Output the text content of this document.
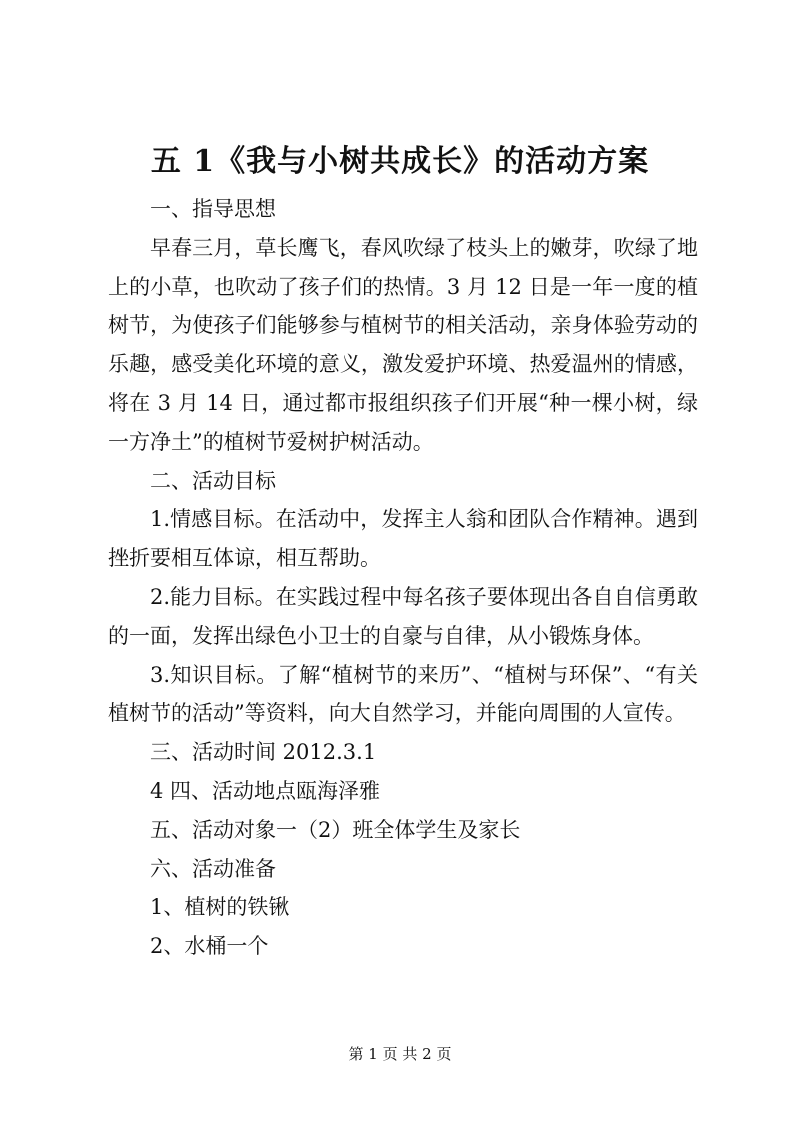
五 1《我与小树共成长》的活动方案

一、指导思想

早春三月，草长鹰飞，春风吹绿了枝头上的嫩芽，吹绿了地上的小草，也吹动了孩子们的热情。3 月 12 日是一年一度的植树节，为使孩子们能够参与植树节的相关活动，亲身体验劳动的乐趣，感受美化环境的意义，激发爱护环境、热爱温州的情感，将在 3 月 14 日，通过都市报组织孩子们开展“种一棵小树，绿一方净土”的植树节爱树护树活动。

二、活动目标

1.情感目标。在活动中，发挥主人翁和团队合作精神。遇到挫折要相互体谅，相互帮助。

2.能力目标。在实践过程中每名孩子要体现出各自自信勇敢的一面，发挥出绿色小卫士的自豪与自律，从小锻炼身体。

3.知识目标。了解“植树节的来历”、“植树与环保”、“有关植树节的活动”等资料，向大自然学习，并能向周围的人宣传。

三、活动时间 2012.3.1

4 四、活动地点瓯海泽雅

五、活动对象一（2）班全体学生及家长

六、活动准备

1、植树的铁锹

2、水桶一个

第 1 页 共 2 页
